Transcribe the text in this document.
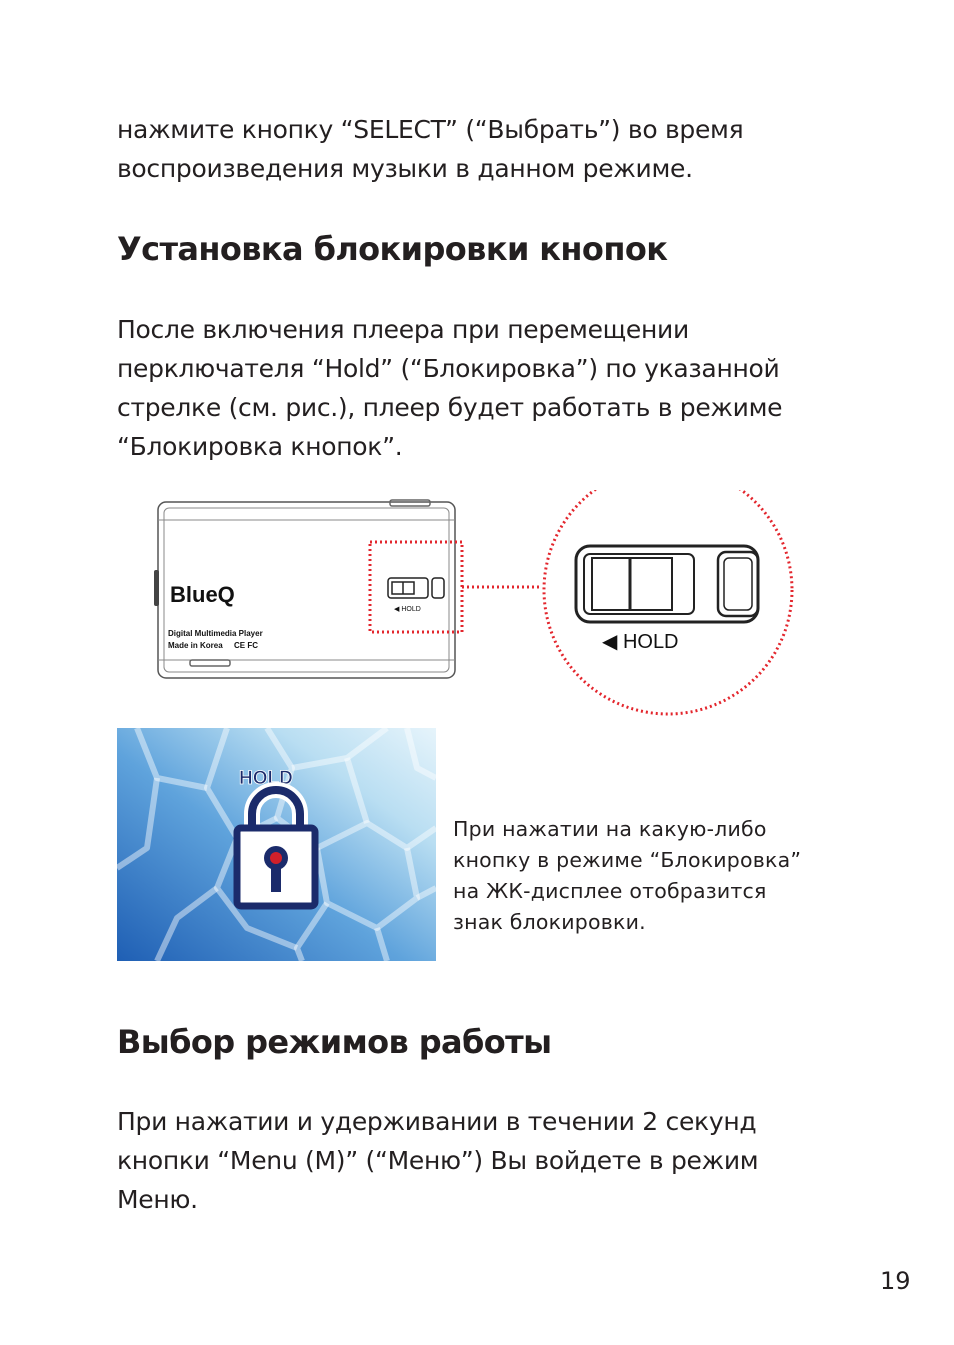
нажмите кнопку “SELECT” (“Выбрать”) во время
воспроизведения музыки в данном режиме.

Установка блокировки кнопок

После включения плеера при перемещении
перключателя “Hold” (“Блокировка”) по указанной
стрелке (см. рис.), плеер будет работать в режиме
“Блокировка кнопок”.

BlueQ
Digital Multimedia Player
Made in Korea CE FC
◀ HOLD
◀ HOLD
HOLD

При нажатии на какую-либо
кнопку в режиме “Блокировка”
на ЖК-дисплее отобразится
знак блокировки.

Выбор режимов работы

При нажатии и удерживании в течении 2 секунд
кнопки “Menu (M)” (“Меню”) Вы войдете в режим
Меню.

19
